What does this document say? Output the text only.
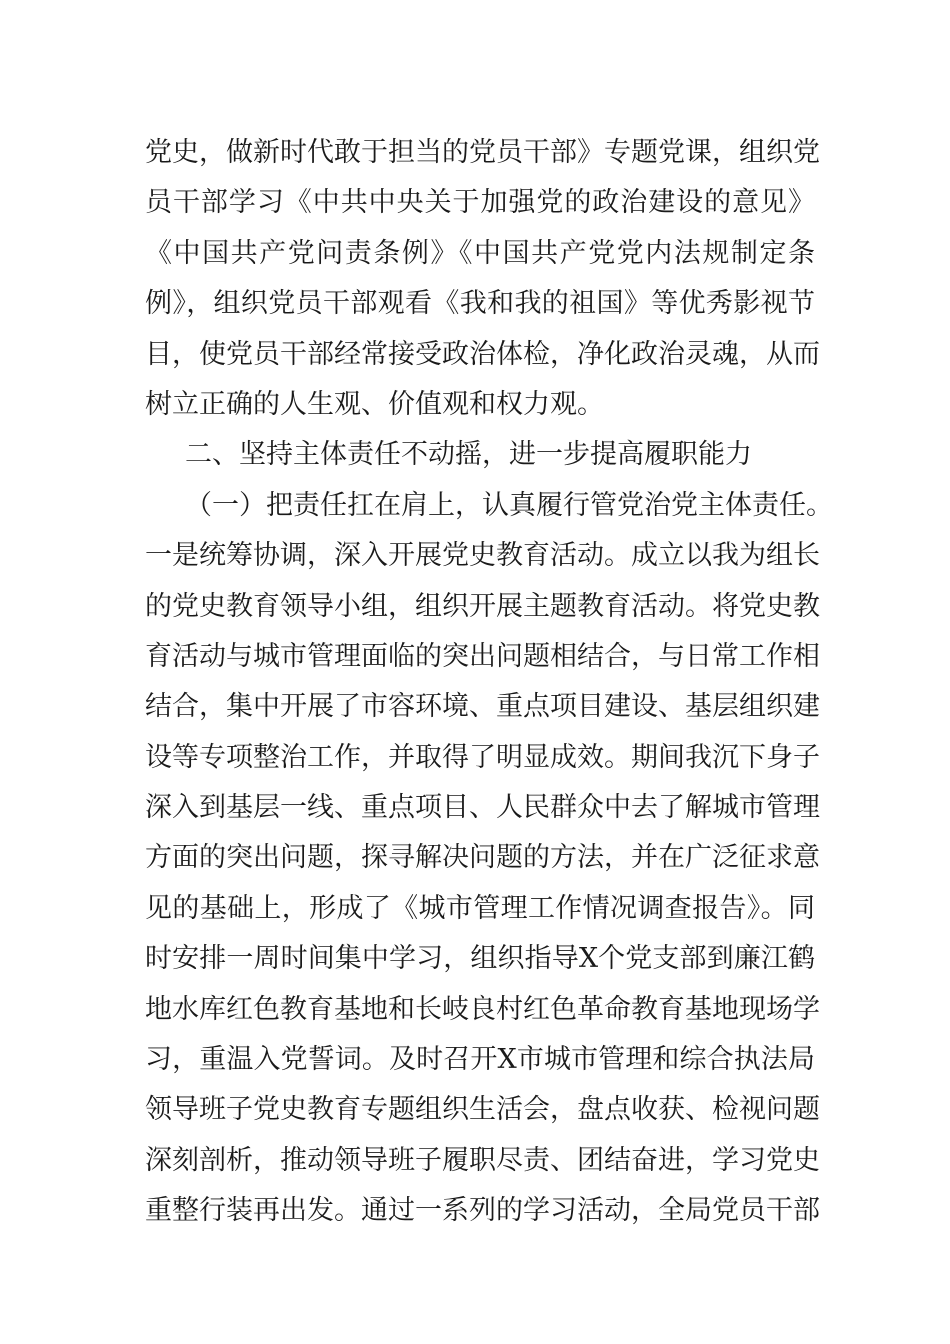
党史，做新时代敢于担当的党员干部》专题党课，组织党
员干部学习《中共中央关于加强党的政治建设的意见》
《中国共产党问责条例》《中国共产党党内法规制定条
例》，组织党员干部观看《我和我的祖国》等优秀影视节
目，使党员干部经常接受政治体检，净化政治灵魂，从而
树立正确的人生观、价值观和权力观。
二、坚持主体责任不动摇，进一步提高履职能力
（一）把责任扛在肩上，认真履行管党治党主体责任。
一是统筹协调，深入开展党史教育活动。成立以我为组长
的党史教育领导小组，组织开展主题教育活动。将党史教
育活动与城市管理面临的突出问题相结合，与日常工作相
结合，集中开展了市容环境、重点项目建设、基层组织建
设等专项整治工作，并取得了明显成效。期间我沉下身子
深入到基层一线、重点项目、人民群众中去了解城市管理
方面的突出问题，探寻解决问题的方法，并在广泛征求意
见的基础上，形成了《城市管理工作情况调查报告》。同
时安排一周时间集中学习，组织指导X个党支部到廉江鹤
地水库红色教育基地和长岐良村红色革命教育基地现场学
习，重温入党誓词。及时召开X市城市管理和综合执法局
领导班子党史教育专题组织生活会，盘点收获、检视问题
深刻剖析，推动领导班子履职尽责、团结奋进，学习党史
重整行装再出发。通过一系列的学习活动，全局党员干部
